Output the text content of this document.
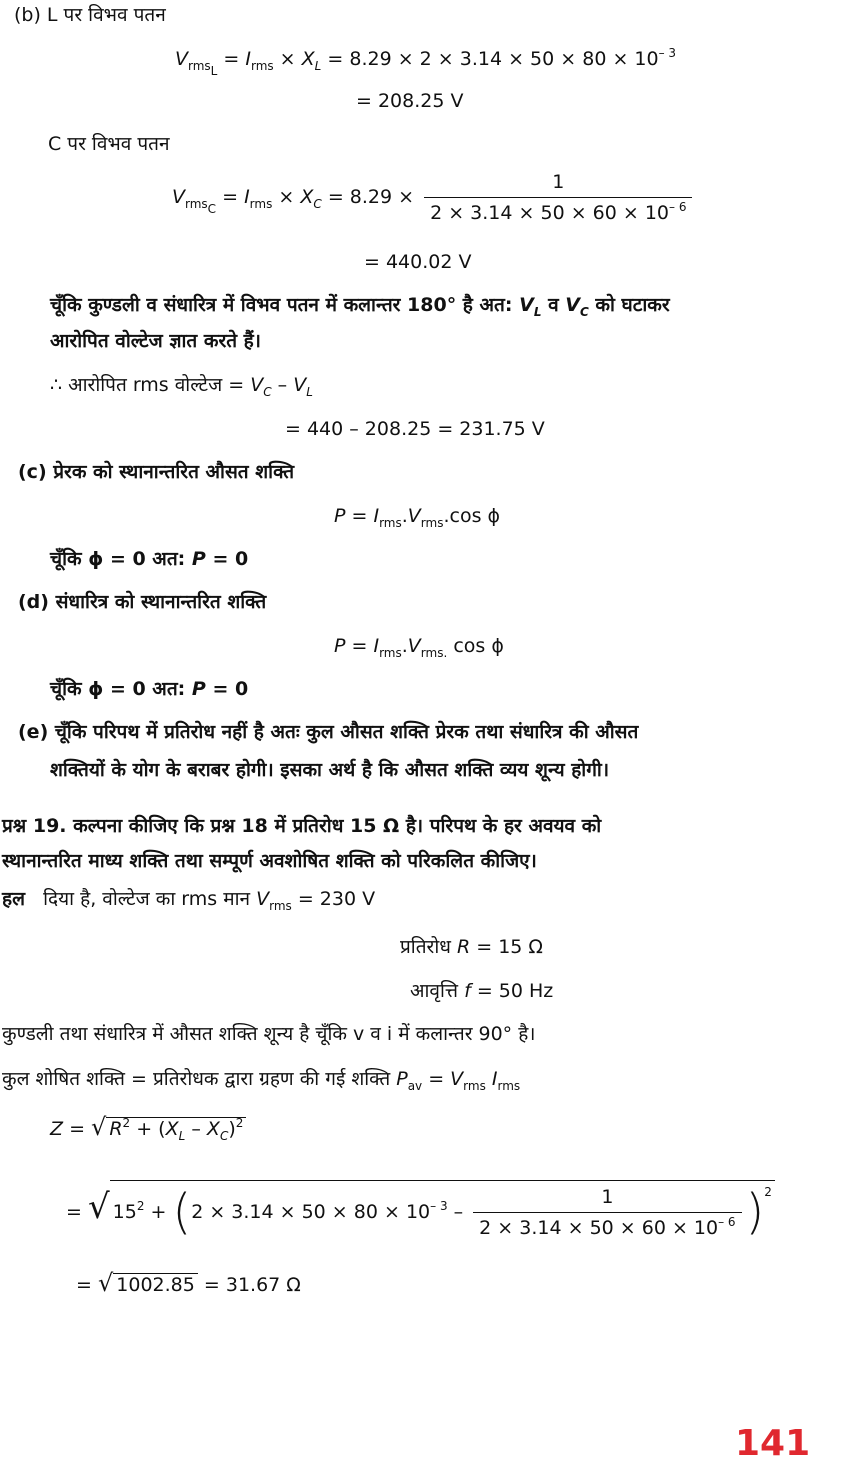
(b) L पर विभव पतन
$V_{rms_L} = I_{rms} \times X_L = 8.29 \times 2 \times 3.14 \times 50 \times 80 \times 10^{- 3}$
= 208.25 V
C पर विभव पतन
$V_{rms_C} = I_{rms} \times X_C = 8.29 \times \frac{1}{2 \times 3.14 \times 50 \times 60 \times 10^{- 6}}$
= 440.02 V
चूँकि कुण्डली व संधारित्र में विभव पतन में कलान्तर 180° है अत: $V_L$ व $V_C$ को घटाकर
आरोपित वोल्टेज ज्ञात करते हैं।
∴ आरोपित rms वोल्टेज = $V_C - V_L$
= 440 – 208.25 = 231.75 V
(c) प्रेरक को स्थानान्तरित औसत शक्ति
$P = I_{rms}.V_{rms}.\cos$ ϕ
चूँकि ϕ = 0 अत: P = 0
(d) संधारित्र को स्थानान्तरित शक्ति
$P = I_{rms}.V_{rms.}$ cos ϕ
चूँकि ϕ = 0 अत: P = 0
(e) चूँकि परिपथ में प्रतिरोध नहीं है अतः कुल औसत शक्ति प्रेरक तथा संधारित्र की औसत
शक्तियों के योग के बराबर होगी। इसका अर्थ है कि औसत शक्ति व्यय शून्य होगी।
प्रश्न 19. कल्पना कीजिए कि प्रश्न 18 में प्रतिरोध 15 Ω है। परिपथ के हर अवयव को
स्थानान्तरित माध्य शक्ति तथा सम्पूर्ण अवशोषित शक्ति को परिकलित कीजिए।
हल दिया है, वोल्टेज का rms मान $V_{rms} = 230$ V
प्रतिरोध R = 15 Ω
आवृत्ति f = 50 Hz
कुण्डली तथा संधारित्र में औसत शक्ति शून्य है चूँकि v व i में कलान्तर 90° है।
कुल शोषित शक्ति = प्रतिरोधक द्वारा ग्रहण की गई शक्ति $P_{av} = V_{rms}$ $I_{rms}$
Z = √ $R^2 + (X_L - X_C)^2$
= √ $15^2 + (2 \times 3.14 \times 50 \times 80 \times 10^{- 3} - \frac{1}{2 \times 3.14 \times 50 \times 60 \times 10^{- 6}} )^2$
= √ 1002.85 = 31.67 Ω
141
